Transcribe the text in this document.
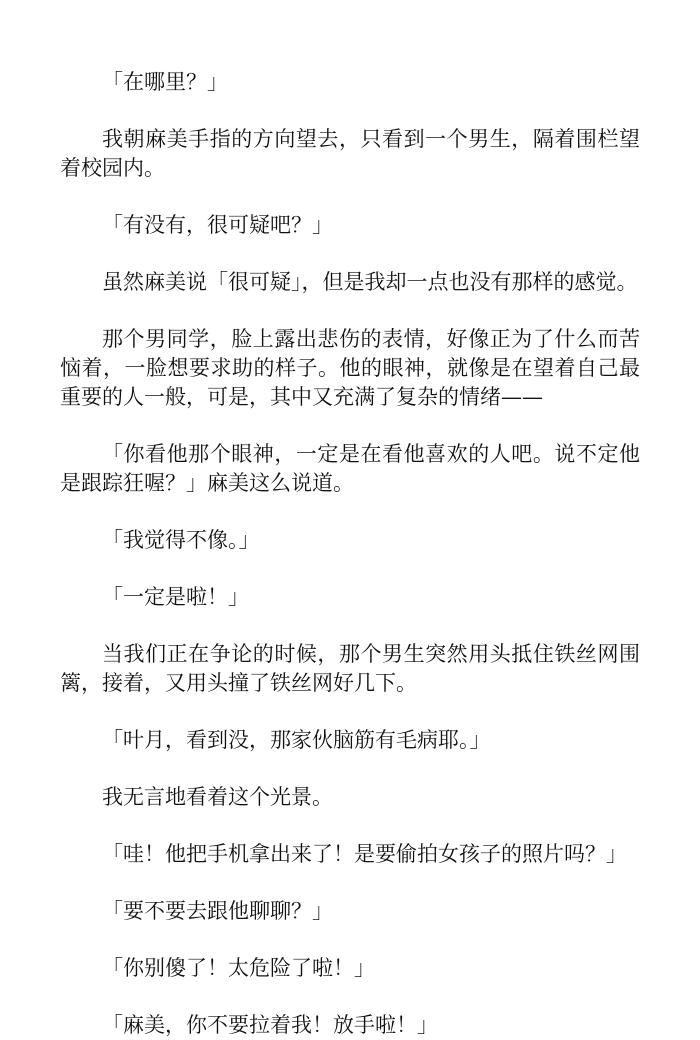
「在哪里？」

我朝麻美手指的方向望去，只看到一个男生，隔着围栏望着校园内。

「有没有，很可疑吧？」

虽然麻美说「很可疑」，但是我却一点也没有那样的感觉。

那个男同学，脸上露出悲伤的表情，好像正为了什么而苦恼着，一脸想要求助的样子。他的眼神，就像是在望着自己最重要的人一般，可是，其中又充满了复杂的情绪——

「你看他那个眼神，一定是在看他喜欢的人吧。说不定他是跟踪狂喔？」麻美这么说道。

「我觉得不像。」

「一定是啦！」

当我们正在争论的时候，那个男生突然用头抵住铁丝网围篱，接着，又用头撞了铁丝网好几下。

「叶月，看到没，那家伙脑筋有毛病耶。」

我无言地看着这个光景。

「哇！他把手机拿出来了！是要偷拍女孩子的照片吗？」

「要不要去跟他聊聊？」

「你别傻了！太危险了啦！」

「麻美，你不要拉着我！放手啦！」
